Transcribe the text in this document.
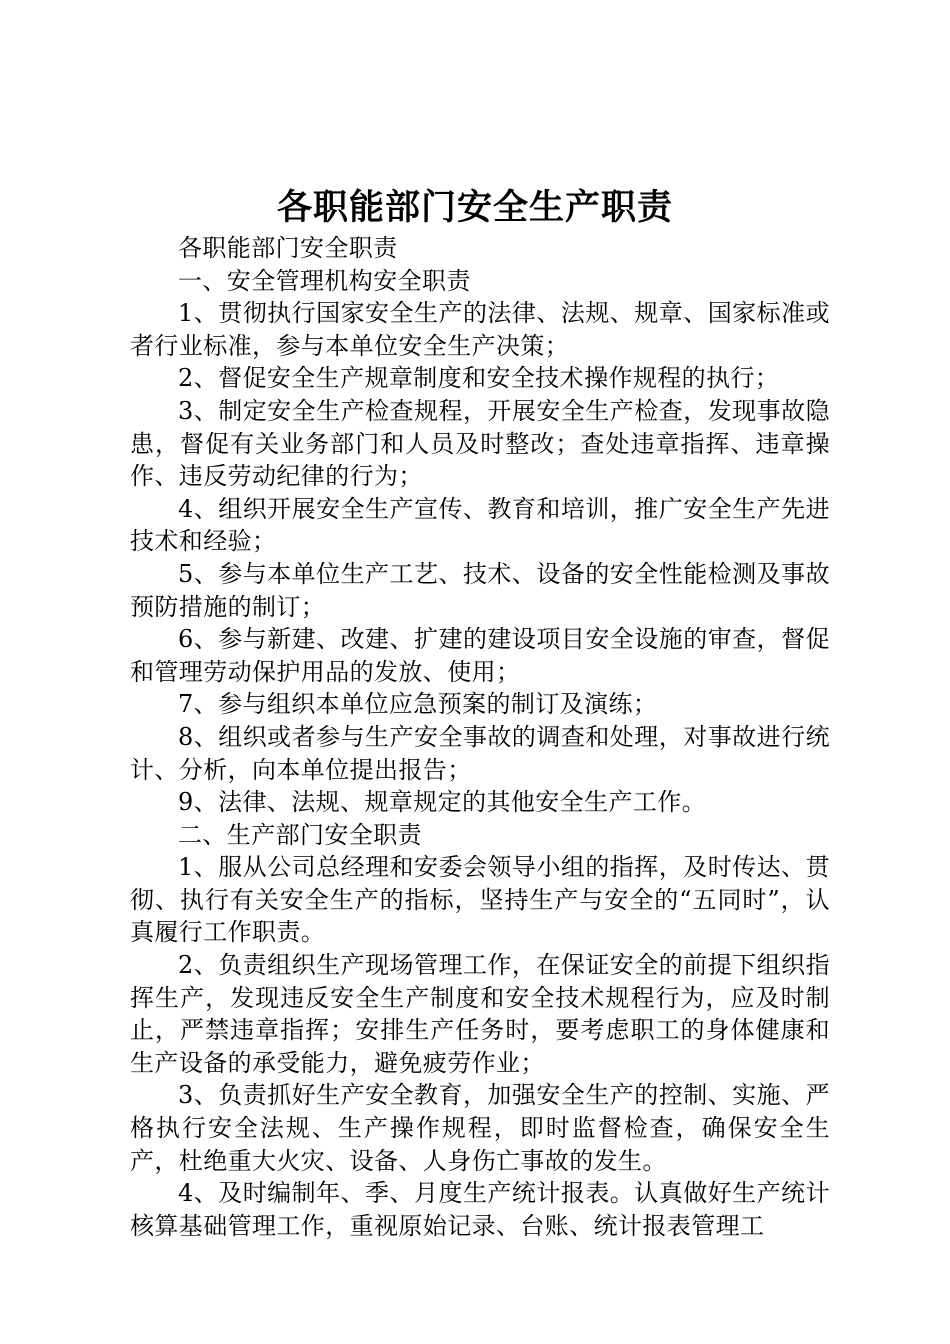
各职能部门安全生产职责

各职能部门安全职责

一、安全管理机构安全职责

1、贯彻执行国家安全生产的法律、法规、规章、国家标准或者行业标准，参与本单位安全生产决策；

2、督促安全生产规章制度和安全技术操作规程的执行；

3、制定安全生产检查规程，开展安全生产检查，发现事故隐患，督促有关业务部门和人员及时整改；查处违章指挥、违章操作、违反劳动纪律的行为；

4、组织开展安全生产宣传、教育和培训，推广安全生产先进技术和经验；

5、参与本单位生产工艺、技术、设备的安全性能检测及事故预防措施的制订；

6、参与新建、改建、扩建的建设项目安全设施的审查，督促和管理劳动保护用品的发放、使用；

7、参与组织本单位应急预案的制订及演练；

8、组织或者参与生产安全事故的调查和处理，对事故进行统计、分析，向本单位提出报告；

9、法律、法规、规章规定的其他安全生产工作。

二、生产部门安全职责

1、服从公司总经理和安委会领导小组的指挥，及时传达、贯彻、执行有关安全生产的指标，坚持生产与安全的“五同时”，认真履行工作职责。

2、负责组织生产现场管理工作，在保证安全的前提下组织指挥生产，发现违反安全生产制度和安全技术规程行为，应及时制止，严禁违章指挥；安排生产任务时，要考虑职工的身体健康和生产设备的承受能力，避免疲劳作业；

3、负责抓好生产安全教育，加强安全生产的控制、实施、严格执行安全法规、生产操作规程，即时监督检查，确保安全生产，杜绝重大火灾、设备、人身伤亡事故的发生。

4、及时编制年、季、月度生产统计报表。认真做好生产统计核算基础管理工作，重视原始记录、台账、统计报表管理工
